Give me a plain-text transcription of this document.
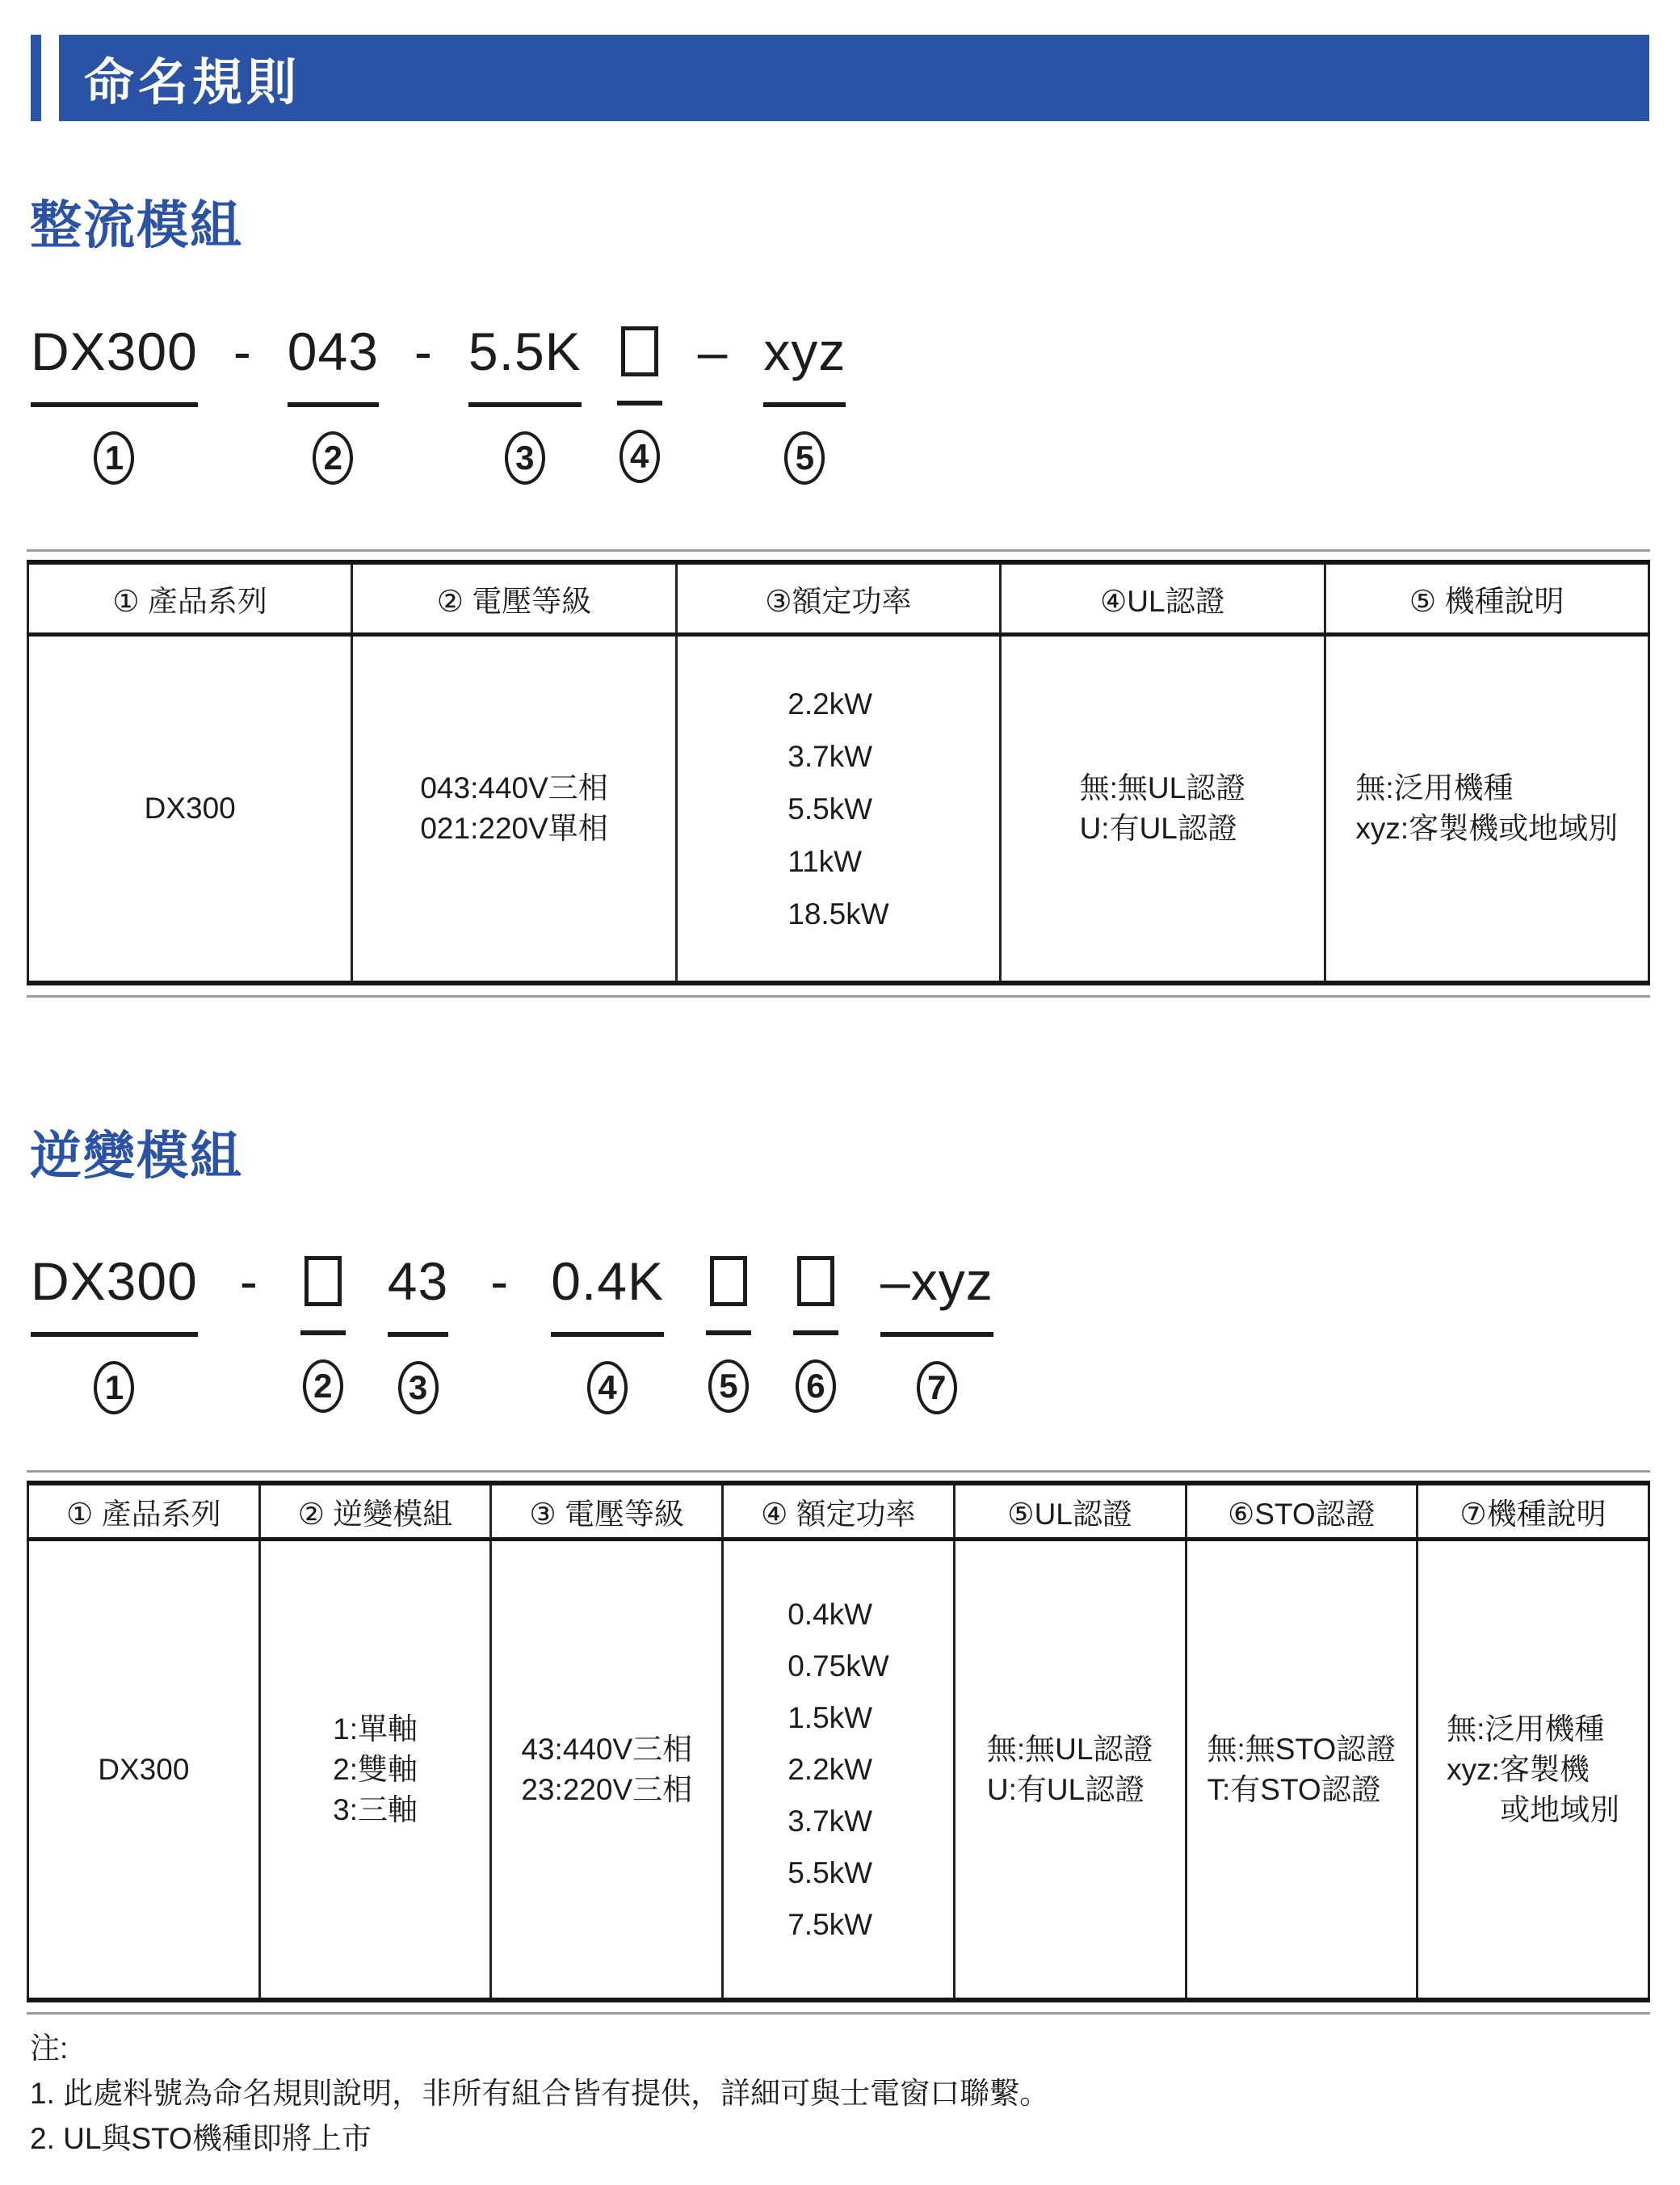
命名規則
整流模組
DX300
1
- 043
2
- 5.5K
3	4
– xyz
5
① 產品系列	② 電壓等級	③額定功率	④UL認證	⑤ 機種說明
DX300	
043:440V三相
021:220V單相

2.2kW
3.7kW
5.5kW
11kW
18.5kW

無:無UL認證
U:有UL認證

無:泛用機種
xyz:客製機或地域別
逆變模組
DX300
1
-
2
43
3
- 0.4K
4	5 6
–xyz
7
① 產品系列	② 逆變模組	③ 電壓等級	④ 額定功率	⑤UL認證	⑥STO認證	⑦機種說明
DX300	
1:單軸
2:雙軸
3:三軸

43:440V三相
23:220V三相

0.4kW
0.75kW
1.5kW
2.2kW
3.7kW
5.5kW
7.5kW

無:無UL認證
U:有UL認證

無:無STO認證
T:有STO認證

無:泛用機種
xyz:客製機
或地域別
注:
1. 此處料號為命名規則說明，非所有組合皆有提供，詳細可與士電窗口聯繫。
2. UL與STO機種即將上市
